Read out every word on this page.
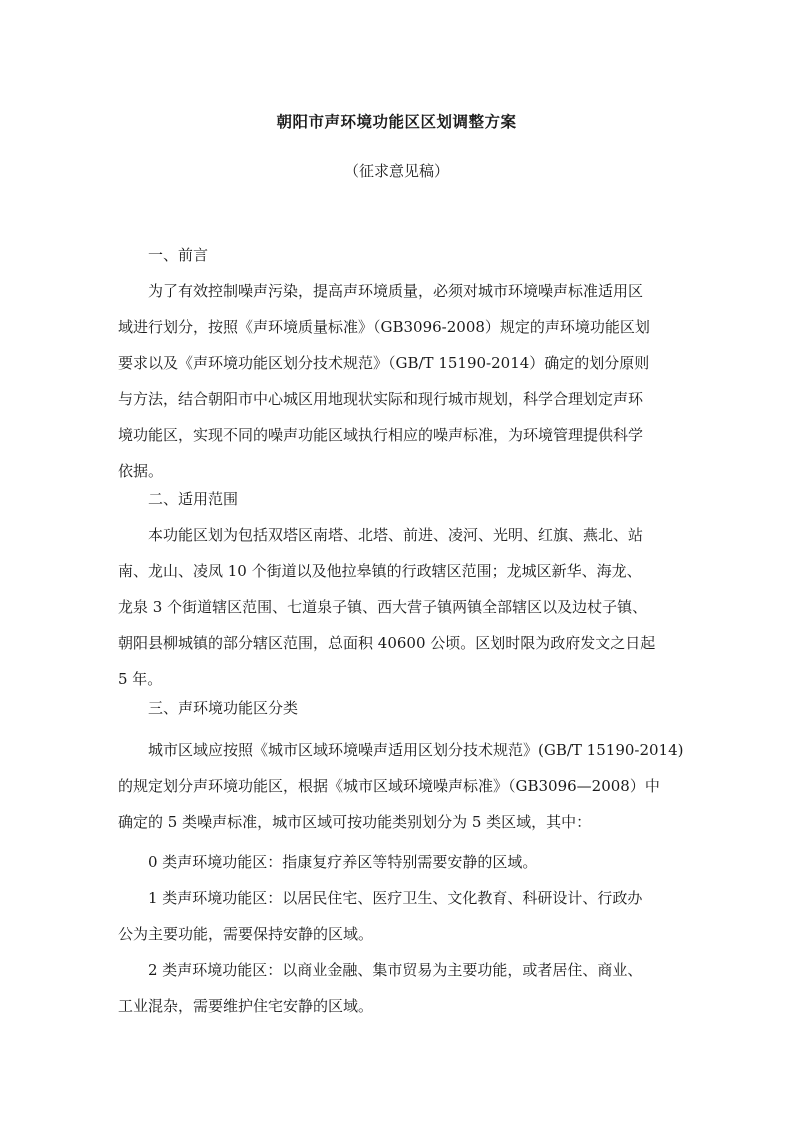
朝阳市声环境功能区区划调整方案
（征求意见稿）
一、前言
为了有效控制噪声污染，提高声环境质量，必须对城市环境噪声标准适用区
域进行划分，按照《声环境质量标准》（GB3096-2008）规定的声环境功能区划
要求以及《声环境功能区划分技术规范》（GB/T 15190-2014）确定的划分原则
与方法，结合朝阳市中心城区用地现状实际和现行城市规划，科学合理划定声环
境功能区，实现不同的噪声功能区域执行相应的噪声标准，为环境管理提供科学
依据。
二、适用范围
本功能区划为包括双塔区南塔、北塔、前进、凌河、光明、红旗、燕北、站
南、龙山、凌凤 10 个街道以及他拉皋镇的行政辖区范围；龙城区新华、海龙、
龙泉 3 个街道辖区范围、七道泉子镇、西大营子镇两镇全部辖区以及边杖子镇、
朝阳县柳城镇的部分辖区范围，总面积 40600 公顷。区划时限为政府发文之日起
5 年。
三、声环境功能区分类
城市区域应按照《城市区域环境噪声适用区划分技术规范》(GB/T 15190-2014)
的规定划分声环境功能区，根据《城市区域环境噪声标准》（GB3096—2008）中
确定的 5 类噪声标准，城市区域可按功能类别划分为 5 类区域，其中：
0 类声环境功能区：指康复疗养区等特别需要安静的区域。
1 类声环境功能区：以居民住宅、医疗卫生、文化教育、科研设计、行政办
公为主要功能，需要保持安静的区域。
2 类声环境功能区：以商业金融、集市贸易为主要功能，或者居住、商业、
工业混杂，需要维护住宅安静的区域。
